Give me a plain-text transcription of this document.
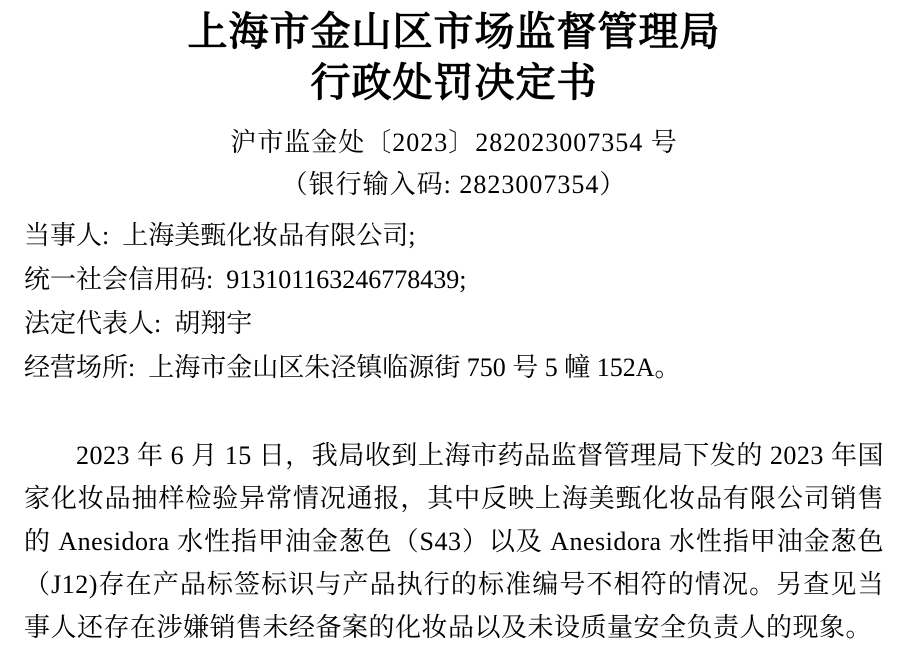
上海市金山区市场监督管理局
行政处罚决定书
沪市监金处〔2023〕282023007354 号
（银行输入码: 2823007354）
当事人: 上海美甄化妆品有限公司;
统一社会信用码: 913101163246778439;
法定代表人: 胡翔宇
经营场所: 上海市金山区朱泾镇临源街 750 号 5 幢 152A。
2023 年 6 月 15 日，我局收到上海市药品监督管理局下发的 2023 年国家化妆品抽样检验异常情况通报，其中反映上海美甄化妆品有限公司销售的 Anesidora 水性指甲油金葱色（S43）以及 Anesidora 水性指甲油金葱色（J12)存在产品标签标识与产品执行的标准编号不相符的情况。另查见当事人还存在涉嫌销售未经备案的化妆品以及未设质量安全负责人的现象。
